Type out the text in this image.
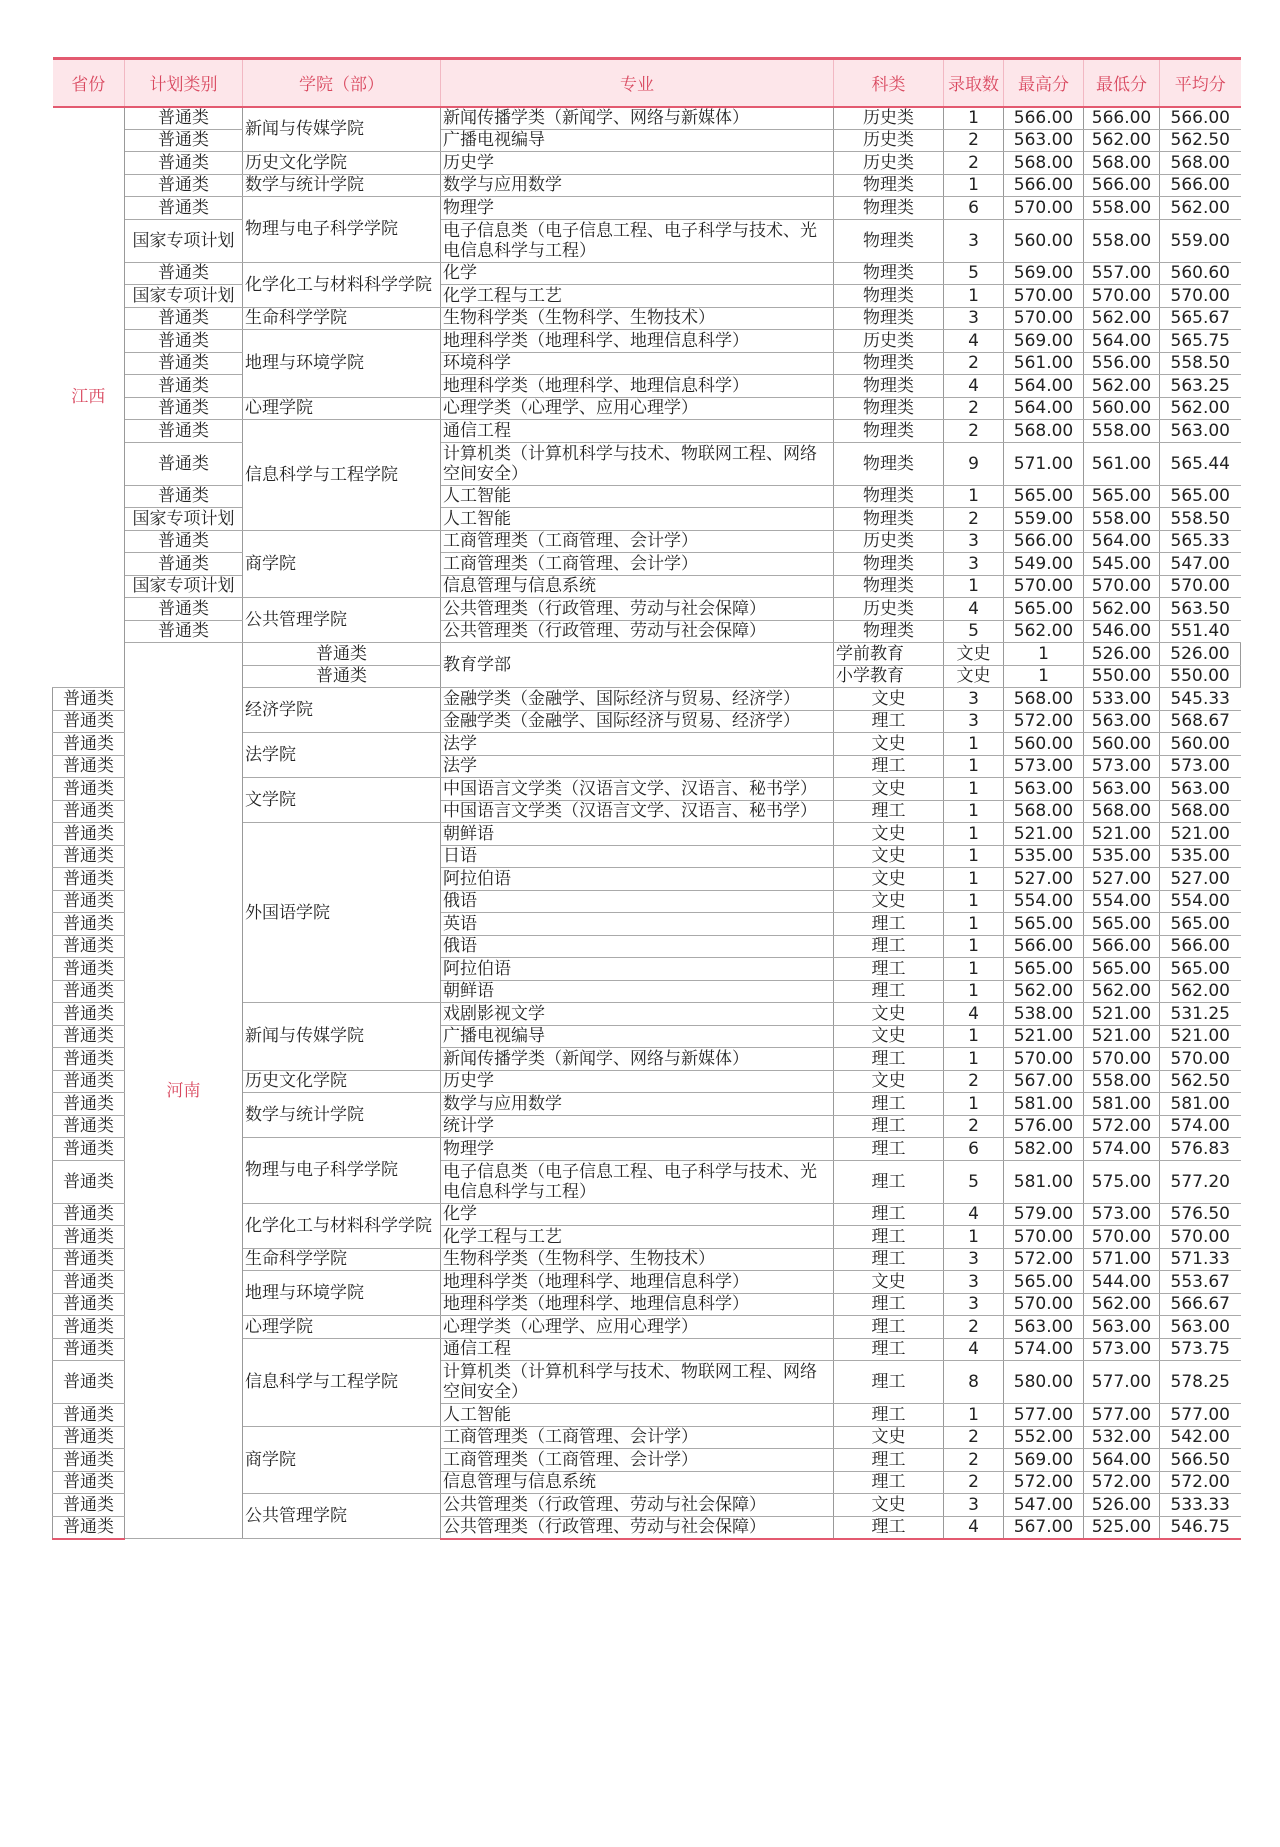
省份	计划类别	学院（部）	专业	科类	录取数	最高分	最低分	平均分	
江西	普通类	新闻与传媒学院	新闻传播学类（新闻学、网络与新媒体）	历史类	1	566.00	566.00	566.00	
	普通类		广播电视编导	历史类	2	563.00	562.00	562.50	
	普通类	历史文化学院	历史学	历史类	2	568.00	568.00	568.00	
	普通类	数学与统计学院	数学与应用数学	物理类	1	566.00	566.00	566.00	
	普通类	物理与电子科学学院	物理学	物理类	6	570.00	558.00	562.00	
	国家专项计划		电子信息类（电子信息工程、电子科学与技术、光电信息科学与工程）	物理类	3	560.00	558.00	559.00	
	普通类	化学化工与材料科学学院	化学	物理类	5	569.00	557.00	560.60	
	国家专项计划		化学工程与工艺	物理类	1	570.00	570.00	570.00	
	普通类	生命科学学院	生物科学类（生物科学、生物技术）	物理类	3	570.00	562.00	565.67	
	普通类	地理与环境学院	地理科学类（地理科学、地理信息科学）	历史类	4	569.00	564.00	565.75	
	普通类		环境科学	物理类	2	561.00	556.00	558.50	
	普通类		地理科学类（地理科学、地理信息科学）	物理类	4	564.00	562.00	563.25	
	普通类	心理学院	心理学类（心理学、应用心理学）	物理类	2	564.00	560.00	562.00	
	普通类	信息科学与工程学院	通信工程	物理类	2	568.00	558.00	563.00	
	普通类		计算机类（计算机科学与技术、物联网工程、网络空间安全）	物理类	9	571.00	561.00	565.44	
	普通类		人工智能	物理类	1	565.00	565.00	565.00	
	国家专项计划		人工智能	物理类	2	559.00	558.00	558.50	
	普通类	商学院	工商管理类（工商管理、会计学）	历史类	3	566.00	564.00	565.33	
	普通类		工商管理类（工商管理、会计学）	物理类	3	549.00	545.00	547.00	
	国家专项计划		信息管理与信息系统	物理类	1	570.00	570.00	570.00	
	普通类	公共管理学院	公共管理类（行政管理、劳动与社会保障）	历史类	4	565.00	562.00	563.50	
	普通类		公共管理类（行政管理、劳动与社会保障）	物理类	5	562.00	546.00	551.40	
	河南	普通类	教育学部	学前教育	文史	1	526.00	526.00	
		普通类		小学教育	文史	1	550.00	550.00	
普通类		经济学院	金融学类（金融学、国际经济与贸易、经济学）	文史	3	568.00	533.00	545.33	
普通类			金融学类（金融学、国际经济与贸易、经济学）	理工	3	572.00	563.00	568.67	
普通类		法学院	法学	文史	1	560.00	560.00	560.00	
普通类			法学	理工	1	573.00	573.00	573.00	
普通类		文学院	中国语言文学类（汉语言文学、汉语言、秘书学）	文史	1	563.00	563.00	563.00	
普通类			中国语言文学类（汉语言文学、汉语言、秘书学）	理工	1	568.00	568.00	568.00	
普通类		外国语学院	朝鲜语	文史	1	521.00	521.00	521.00	
普通类			日语	文史	1	535.00	535.00	535.00	
普通类			阿拉伯语	文史	1	527.00	527.00	527.00	
普通类			俄语	文史	1	554.00	554.00	554.00	
普通类			英语	理工	1	565.00	565.00	565.00	
普通类			俄语	理工	1	566.00	566.00	566.00	
普通类			阿拉伯语	理工	1	565.00	565.00	565.00	
普通类			朝鲜语	理工	1	562.00	562.00	562.00	
普通类		新闻与传媒学院	戏剧影视文学	文史	4	538.00	521.00	531.25	
普通类			广播电视编导	文史	1	521.00	521.00	521.00	
普通类			新闻传播学类（新闻学、网络与新媒体）	理工	1	570.00	570.00	570.00	
普通类		历史文化学院	历史学	文史	2	567.00	558.00	562.50	
普通类		数学与统计学院	数学与应用数学	理工	1	581.00	581.00	581.00	
普通类			统计学	理工	2	576.00	572.00	574.00	
普通类		物理与电子科学学院	物理学	理工	6	582.00	574.00	576.83	
普通类			电子信息类（电子信息工程、电子科学与技术、光电信息科学与工程）	理工	5	581.00	575.00	577.20	
普通类		化学化工与材料科学学院	化学	理工	4	579.00	573.00	576.50	
普通类			化学工程与工艺	理工	1	570.00	570.00	570.00	
普通类		生命科学学院	生物科学类（生物科学、生物技术）	理工	3	572.00	571.00	571.33	
普通类		地理与环境学院	地理科学类（地理科学、地理信息科学）	文史	3	565.00	544.00	553.67	
普通类			地理科学类（地理科学、地理信息科学）	理工	3	570.00	562.00	566.67	
普通类		心理学院	心理学类（心理学、应用心理学）	理工	2	563.00	563.00	563.00	
普通类		信息科学与工程学院	通信工程	理工	4	574.00	573.00	573.75	
普通类			计算机类（计算机科学与技术、物联网工程、网络空间安全）	理工	8	580.00	577.00	578.25	
普通类			人工智能	理工	1	577.00	577.00	577.00	
普通类		商学院	工商管理类（工商管理、会计学）	文史	2	552.00	532.00	542.00	
普通类			工商管理类（工商管理、会计学）	理工	2	569.00	564.00	566.50	
普通类			信息管理与信息系统	理工	2	572.00	572.00	572.00	
普通类		公共管理学院	公共管理类（行政管理、劳动与社会保障）	文史	3	547.00	526.00	533.33	
普通类			公共管理类（行政管理、劳动与社会保障）	理工	4	567.00	525.00	546.75	
